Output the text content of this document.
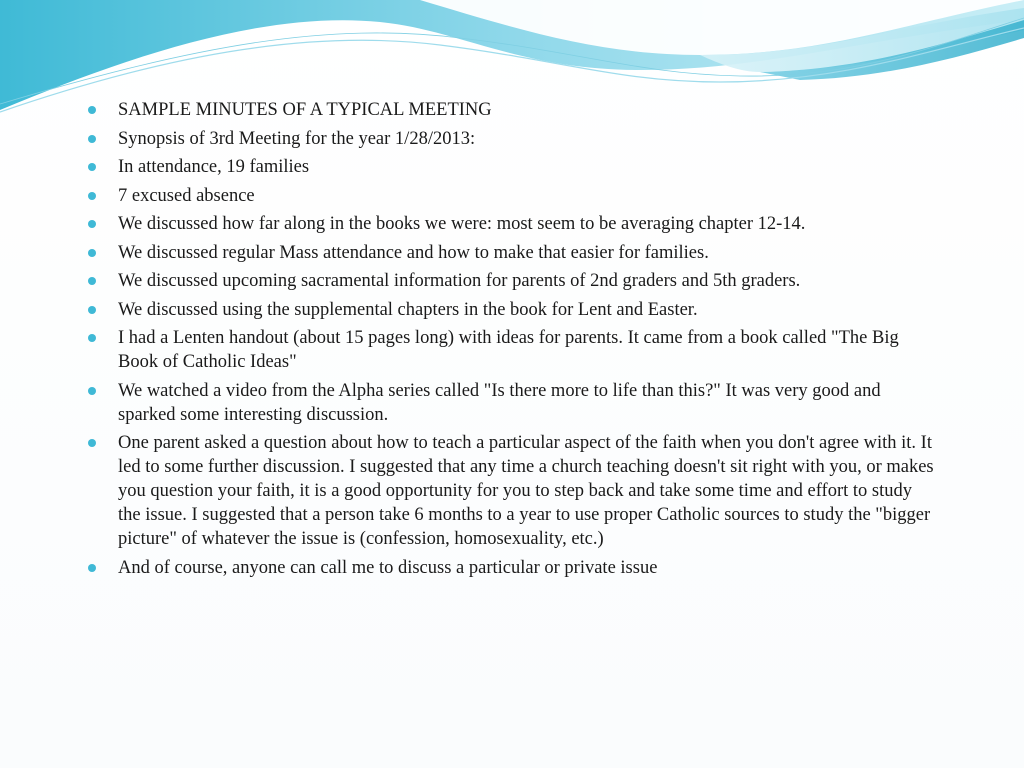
SAMPLE MINUTES OF A TYPICAL MEETING
Synopsis of 3rd Meeting for the year 1/28/2013:
In attendance, 19 families
7 excused absence
We discussed how far along in the books we were: most seem to be averaging chapter 12-14.
We discussed regular Mass attendance and how to make that easier for families.
We discussed upcoming sacramental information for parents of 2nd graders and 5th graders.
We discussed using the supplemental chapters in the book for Lent and Easter.
I had a Lenten handout (about 15 pages long) with ideas for parents. It came from a book called "The Big Book of Catholic Ideas"
We watched a video from the Alpha series called "Is there more to life than this?" It was very good and sparked some interesting discussion.
One parent asked a question about how to teach a particular aspect of the faith when you don't agree with it. It led to some further discussion. I suggested that any time a church teaching doesn't sit right with you, or makes you question your faith, it is a good opportunity for you to step back and take some time and effort to study the issue. I suggested that a person take 6 months to a year to use proper Catholic sources to study the "bigger picture" of whatever the issue is (confession, homosexuality, etc.)
And of course, anyone can call me to discuss a particular or private issue
